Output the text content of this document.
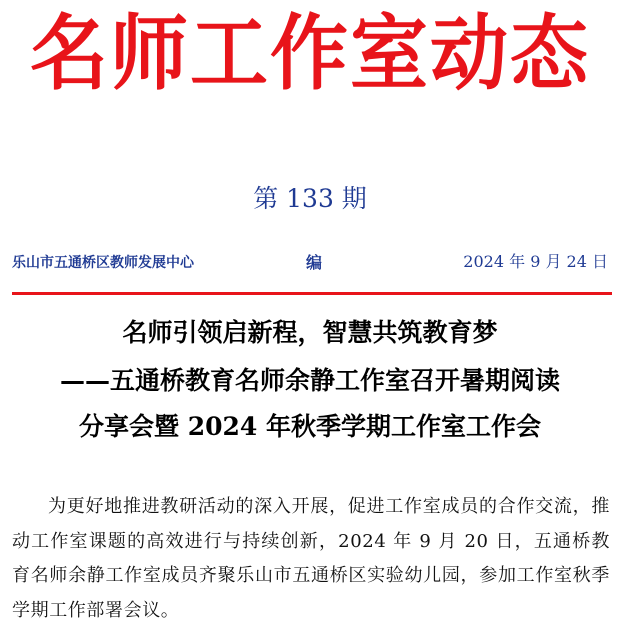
名师工作室动态
第 133 期
乐山市五通桥区教师发展中心	编	2024 年 9 月 24 日
名师引领启新程，智慧共筑教育梦
——五通桥教育名师余静工作室召开暑期阅读
分享会暨 2024 年秋季学期工作室工作会

为更好地推进教研活动的深入开展，促进工作室成员的合作交流，推动工作室课题的高效进行与持续创新，2024 年 9 月 20 日，五通桥教育名师余静工作室成员齐聚乐山市五通桥区实验幼儿园，参加工作室秋季学期工作部署会议。
